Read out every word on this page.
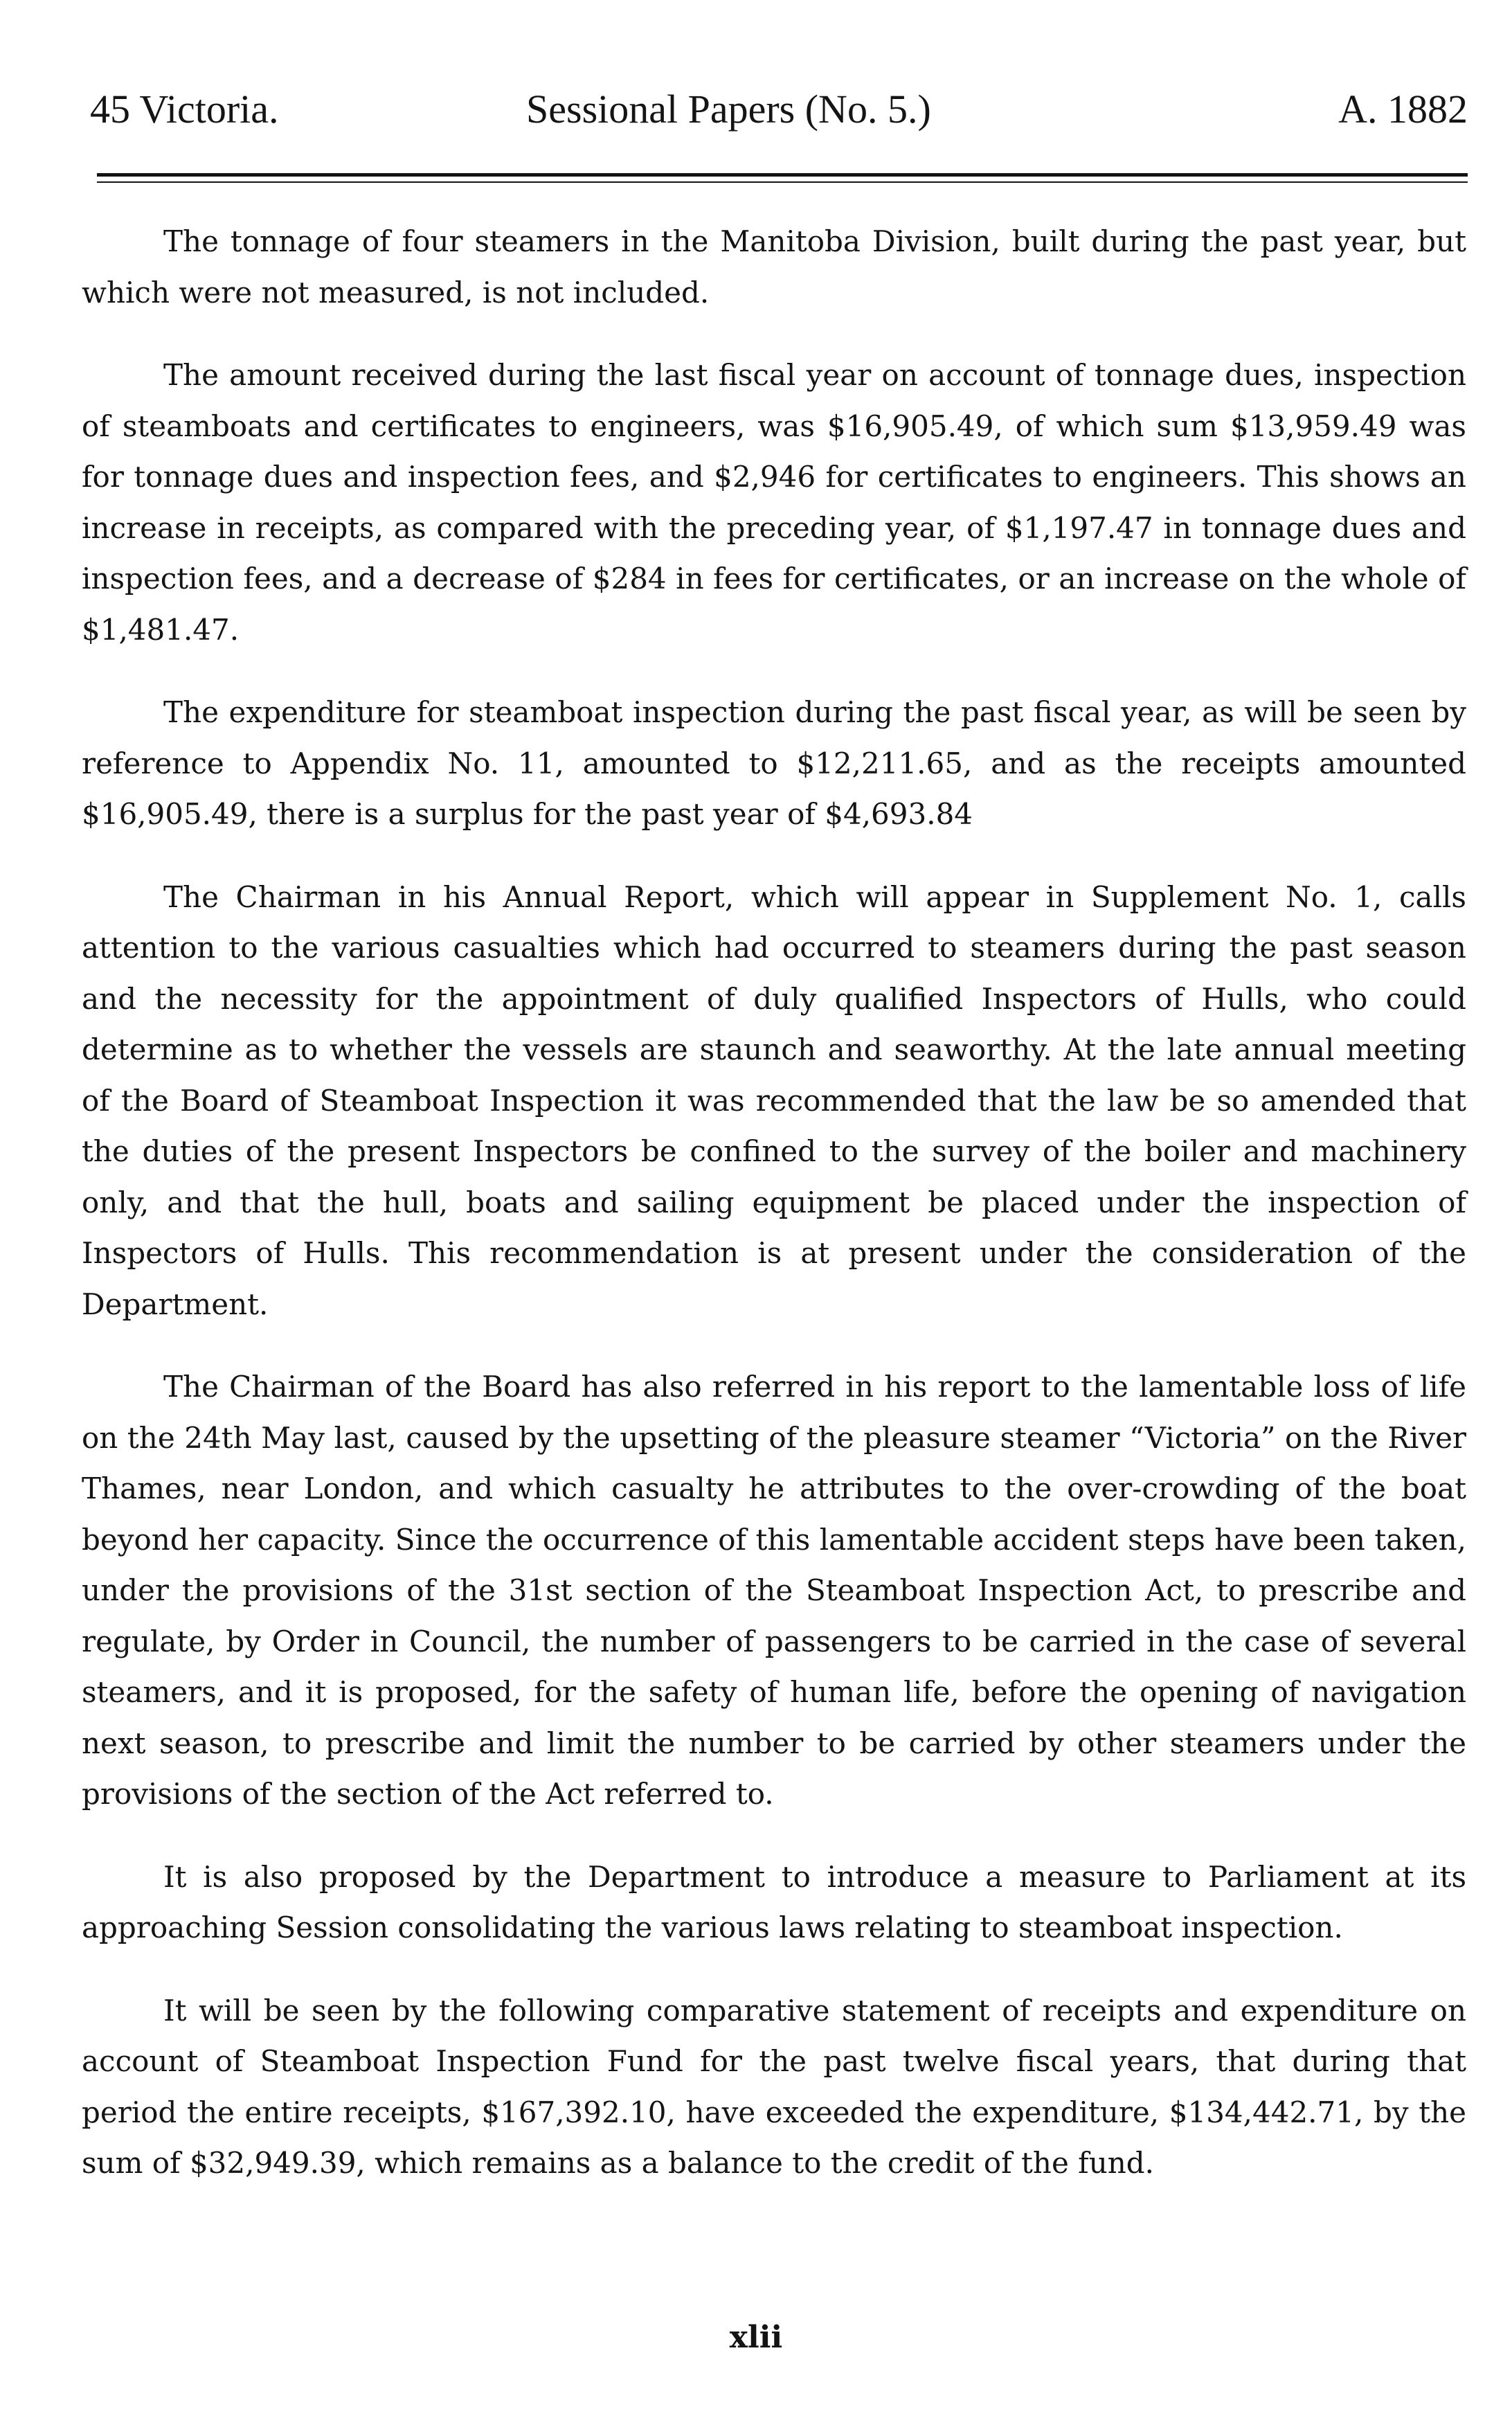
45 Victoria.	Sessional Papers (No. 5.)	A. 1882

The tonnage of four steamers in the Manitoba Division, built during the past year, but which were not measured, is not included.

The amount received during the last fiscal year on account of tonnage dues, inspection of steamboats and certificates to engineers, was $16,905.49, of which sum $13,959.49 was for tonnage dues and inspection fees, and $2,946 for certificates to engineers. This shows an increase in receipts, as compared with the preceding year, of $1,197.47 in tonnage dues and inspection fees, and a decrease of $284 in fees for certificates, or an increase on the whole of $1,481.47.

The expenditure for steamboat inspection during the past fiscal year, as will be seen by reference to Appendix No. 11, amounted to $12,211.65, and as the receipts amounted $16,905.49, there is a surplus for the past year of $4,693.84

The Chairman in his Annual Report, which will appear in Supplement No. 1, calls attention to the various casualties which had occurred to steamers during the past season and the necessity for the appointment of duly qualified Inspectors of Hulls, who could determine as to whether the vessels are staunch and seaworthy. At the late annual meeting of the Board of Steamboat Inspection it was recommended that the law be so amended that the duties of the present Inspectors be confined to the survey of the boiler and machinery only, and that the hull, boats and sailing equipment be placed under the inspection of Inspectors of Hulls. This recommendation is at present under the consideration of the Department.

The Chairman of the Board has also referred in his report to the lamentable loss of life on the 24th May last, caused by the upsetting of the pleasure steamer “Victoria” on the River Thames, near London, and which casualty he attributes to the over-crowding of the boat beyond her capacity. Since the occurrence of this lamentable accident steps have been taken, under the provisions of the 31st section of the Steamboat Inspection Act, to prescribe and regulate, by Order in Council, the number of passengers to be carried in the case of several steamers, and it is proposed, for the safety of human life, before the opening of navigation next season, to prescribe and limit the number to be carried by other steamers under the provisions of the section of the Act referred to.

It is also proposed by the Department to introduce a measure to Parliament at its approaching Session consolidating the various laws relating to steamboat inspection.

It will be seen by the following comparative statement of receipts and expenditure on account of Steamboat Inspection Fund for the past twelve fiscal years, that during that period the entire receipts, $167,392.10, have exceeded the expenditure, $134,442.71, by the sum of $32,949.39, which remains as a balance to the credit of the fund.

xlii
